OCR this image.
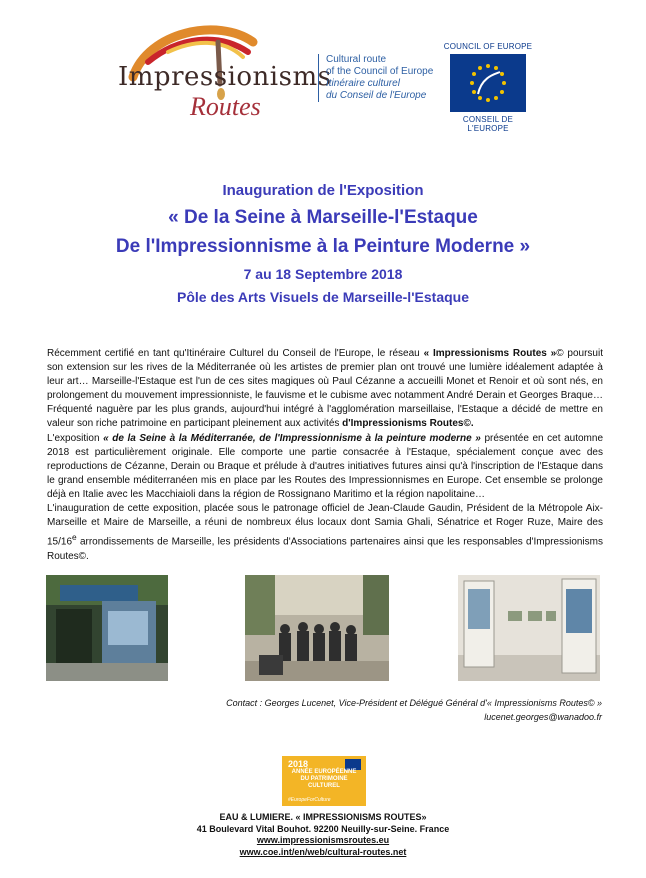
Impressionisms
Routes
Cultural route
of the Council of Europe
Itinéraire culturel
du Conseil de l'Europe
COUNCIL OF EUROPE
CONSEIL DE L'EUROPE
Inauguration de l'Exposition
« De la Seine à Marseille-l'Estaque
De l'Impressionnisme à la Peinture Moderne »
7 au 18 Septembre 2018
Pôle des Arts Visuels de Marseille-l'Estaque

Récemment certifié en tant qu'Itinéraire Culturel du Conseil de l'Europe, le réseau « Impressionisms Routes »© poursuit son extension sur les rives de la Méditerranée où les artistes de premier plan ont trouvé une lumière idéalement adaptée à leur art… Marseille-l'Estaque est l'un de ces sites magiques où Paul Cézanne a accueilli Monet et Renoir et où sont nés, en prolongement du mouvement impressionniste, le fauvisme et le cubisme avec notamment André Derain et Georges Braque… Fréquenté naguère par les plus grands, aujourd'hui intégré à l'agglomération marseillaise, l'Estaque a décidé de mettre en valeur son riche patrimoine en participant pleinement aux activités d'Impressionisms Routes©.

L'exposition « de la Seine à la Méditerranée, de l'Impressionnisme à la peinture moderne » présentée en cet automne 2018 est particulièrement originale. Elle comporte une partie consacrée à l'Estaque, spécialement conçue avec des reproductions de Cézanne, Derain ou Braque et prélude à d'autres initiatives futures ainsi qu'à l'inscription de l'Estaque dans le grand ensemble méditerranéen mis en place par les Routes des Impressionnismes en Europe. Cet ensemble se prolonge déjà en Italie avec les Macchiaioli dans la région de Rossignano Maritimo et la région napolitaine…

L'inauguration de cette exposition, placée sous le patronage officiel de Jean-Claude Gaudin, Président de la Métropole Aix-Marseille et Maire de Marseille, a réuni de nombreux élus locaux dont Samia Ghali, Sénatrice et Roger Ruze, Maire des 15/16e arrondissements de Marseille, les présidents d'Associations partenaires ainsi que les responsables d'Impressionisms Routes©.

Contact : Georges Lucenet, Vice-Président et Délégué Général d'« Impressionisms Routes© »
lucenet.georges@wanadoo.fr
2018
ANNÉE EUROPÉENNE DU PATRIMOINE CULTUREL
#EuropeForCulture
EAU & LUMIERE. « IMPRESSIONISMS ROUTES»
41 Boulevard Vital Bouhot. 92200 Neuilly-sur-Seine. France
www.impressionismsroutes.eu
www.coe.int/en/web/cultural-routes.net
